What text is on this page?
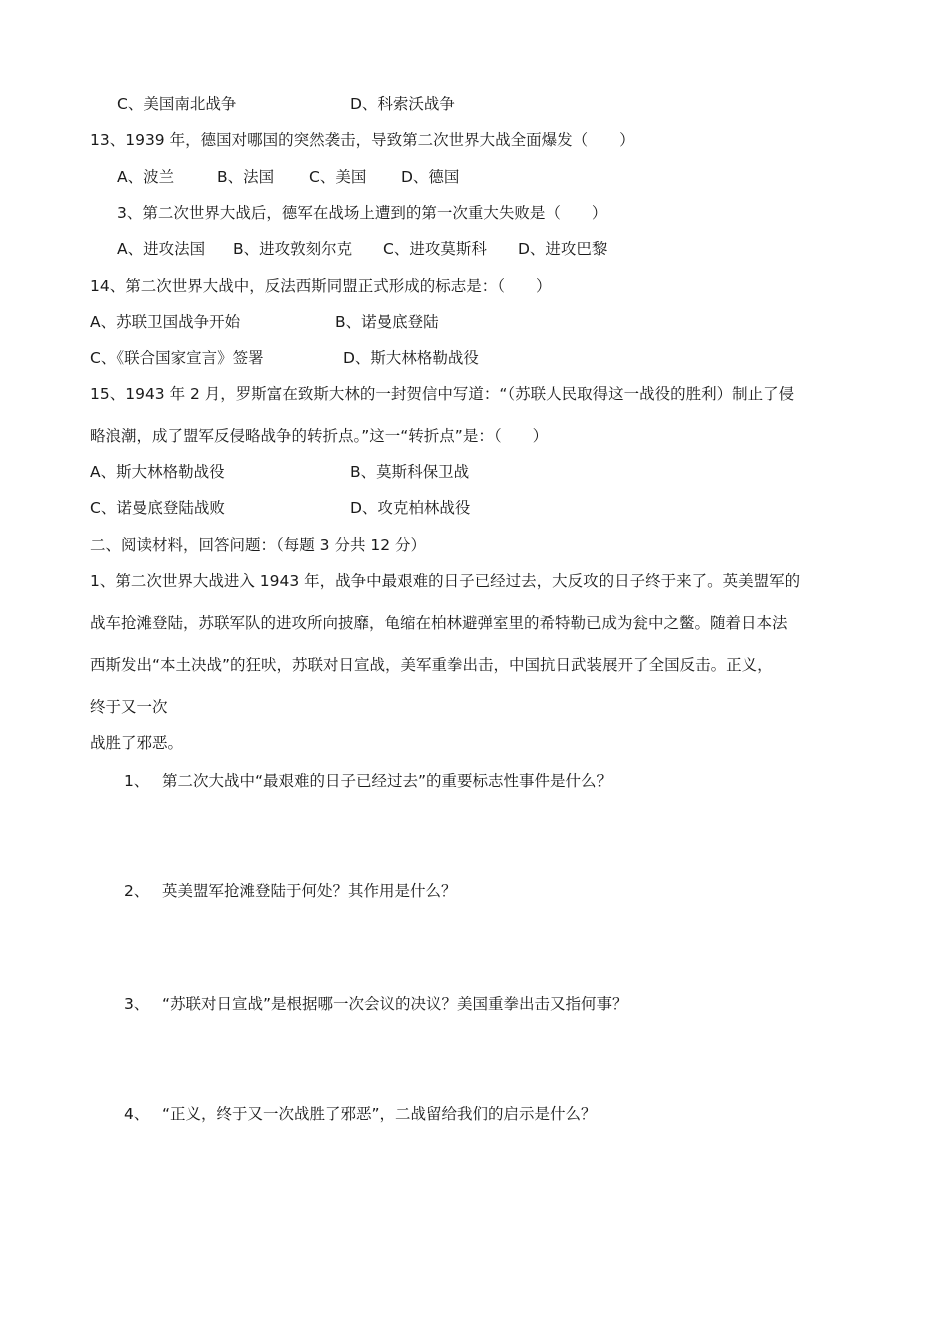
C、美国南北战争	D、科索沃战争
13、1939 年，德国对哪国的突然袭击，导致第二次世界大战全面爆发（　　）
A、波兰	B、法国 C、美国 D、德国
3、第二次世界大战后，德军在战场上遭到的第一次重大失败是（　　）
A、进攻法国 B、进攻敦刻尔克 C、进攻莫斯科 D、进攻巴黎
14、第二次世界大战中，反法西斯同盟正式形成的标志是：（　　）
A、苏联卫国战争开始	B、诺曼底登陆
C、《联合国家宣言》签署	D、斯大林格勒战役
15、1943 年 2 月，罗斯富在致斯大林的一封贺信中写道：“（苏联人民取得这一战役的胜利）制止了侵
略浪潮，成了盟军反侵略战争的转折点。”这一“转折点”是：（　　）
A、斯大林格勒战役	B、莫斯科保卫战
C、诺曼底登陆战败	D、攻克柏林战役
二、阅读材料，回答问题：（每题 3 分共 12 分）
1、第二次世界大战进入 1943 年，战争中最艰难的日子已经过去，大反攻的日子终于来了。英美盟军的
战车抢滩登陆，苏联军队的进攻所向披靡，龟缩在柏林避弹室里的希特勒已成为瓮中之鳖。随着日本法
西斯发出“本土决战”的狂吠，苏联对日宣战，美军重拳出击，中国抗日武装展开了全国反击。正义，
终于又一次
战胜了邪恶。
1、 第二次大战中“最艰难的日子已经过去”的重要标志性事件是什么？
2、 英美盟军抢滩登陆于何处？其作用是什么？
3、 “苏联对日宣战”是根据哪一次会议的决议？美国重拳出击又指何事？
4、 “正义，终于又一次战胜了邪恶”，二战留给我们的启示是什么？
